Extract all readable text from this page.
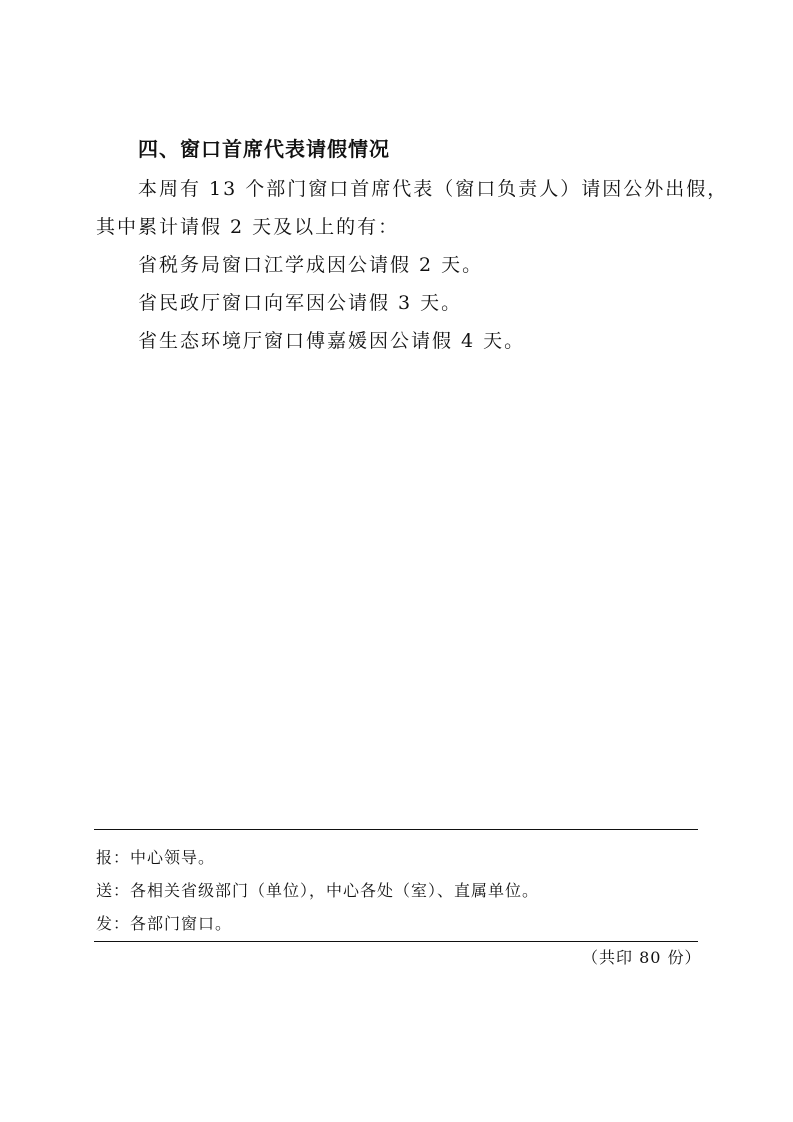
四、窗口首席代表请假情况
本周有 13 个部门窗口首席代表（窗口负责人）请因公外出假，
其中累计请假 2 天及以上的有：
省税务局窗口江学成因公请假 2 天。
省民政厅窗口向军因公请假 3 天。
省生态环境厅窗口傅嘉媛因公请假 4 天。
报：中心领导。
送：各相关省级部门（单位），中心各处（室）、直属单位。
发：各部门窗口。
（共印 80 份）
